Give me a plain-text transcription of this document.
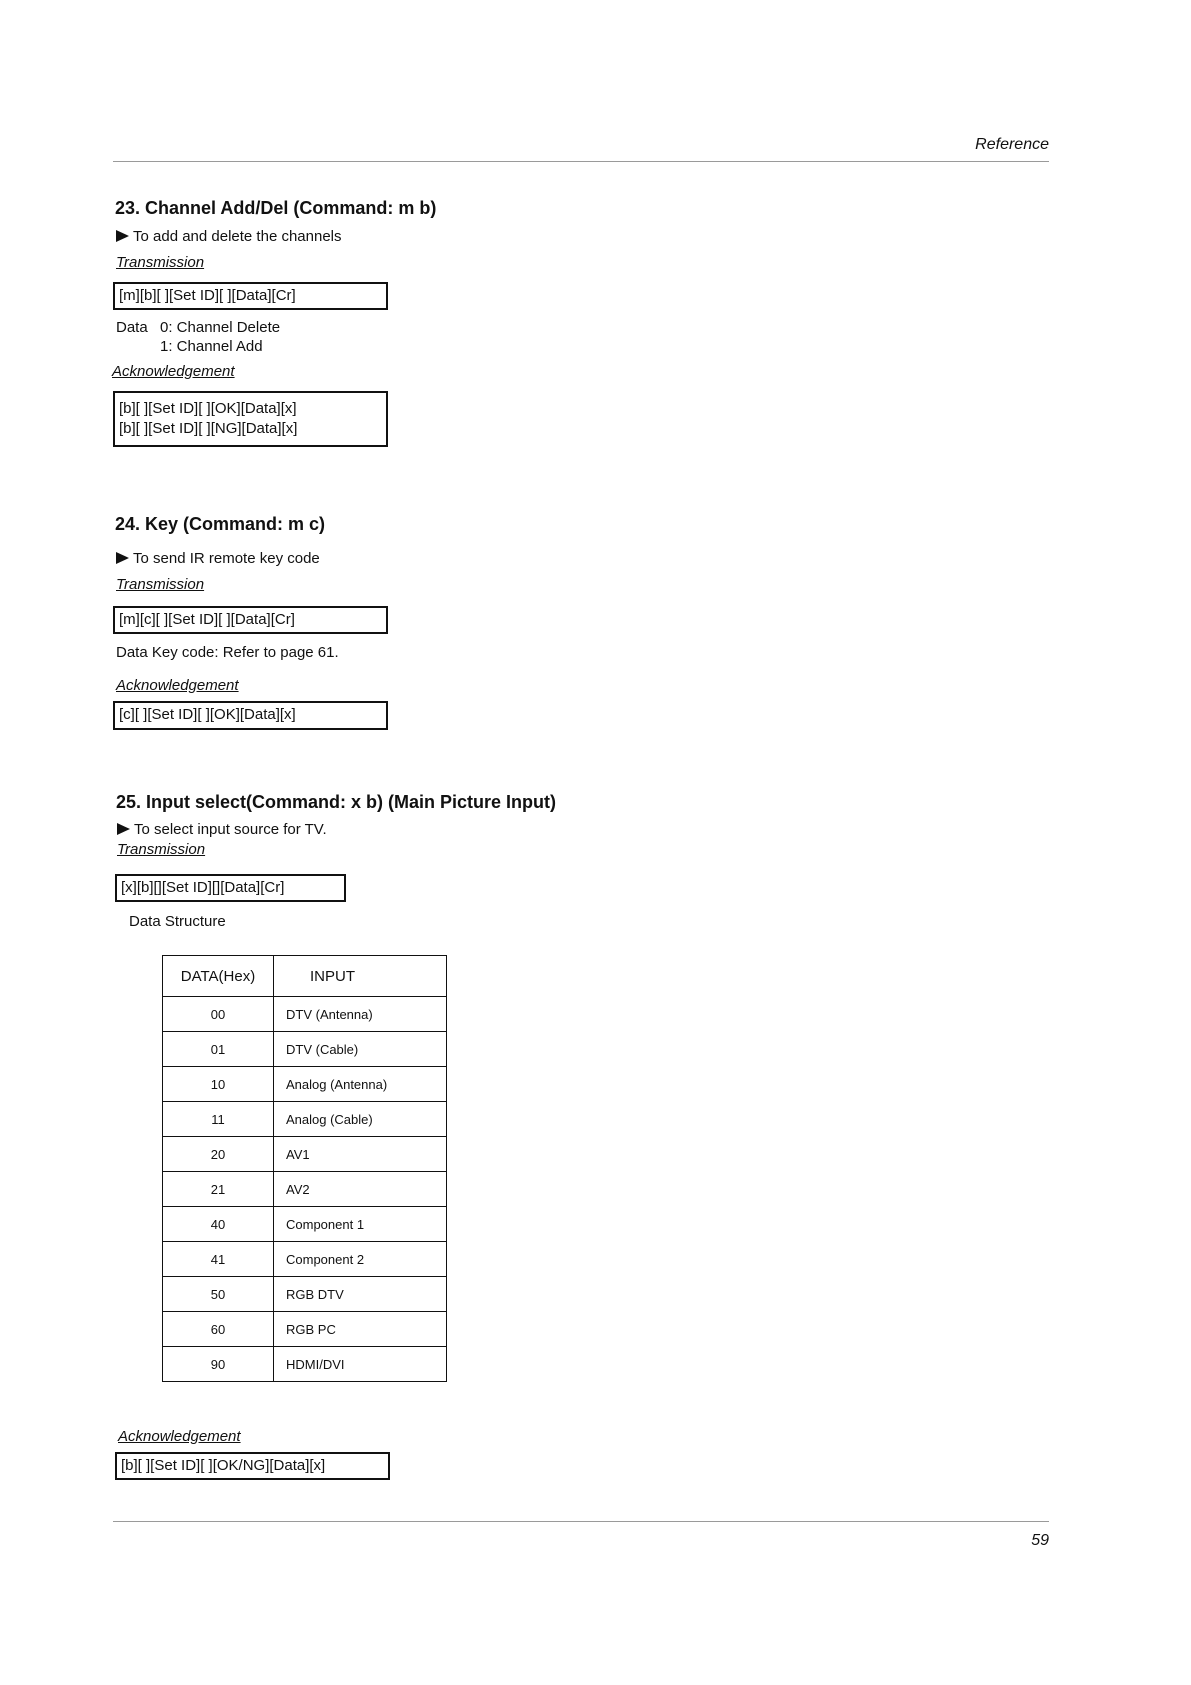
Reference
23. Channel Add/Del (Command: m b)
To add and delete the channels
Transmission
[m][b][ ][Set ID][ ][Data][Cr]
Data 0: Channel Delete
1: Channel Add
Acknowledgement
[b][ ][Set ID][ ][OK][Data][x]
[b][ ][Set ID][ ][NG][Data][x]
24. Key (Command: m c)
To send IR remote key code
Transmission
[m][c][ ][Set ID][ ][Data][Cr]
Data Key code: Refer to page 61.
Acknowledgement
[c][ ][Set ID][ ][OK][Data][x]
25. Input select(Command: x b) (Main Picture Input)
To select input source for TV.
Transmission
[x][b][][Set ID][][Data][Cr]
Data Structure
DATA(Hex)	INPUT
00	DTV (Antenna)
01	DTV (Cable)
10	Analog (Antenna)
11	Analog (Cable)
20	AV1
21	AV2
40	Component 1
41	Component 2
50	RGB DTV
60	RGB PC
90	HDMI/DVI
Acknowledgement
[b][ ][Set ID][ ][OK/NG][Data][x]
59
